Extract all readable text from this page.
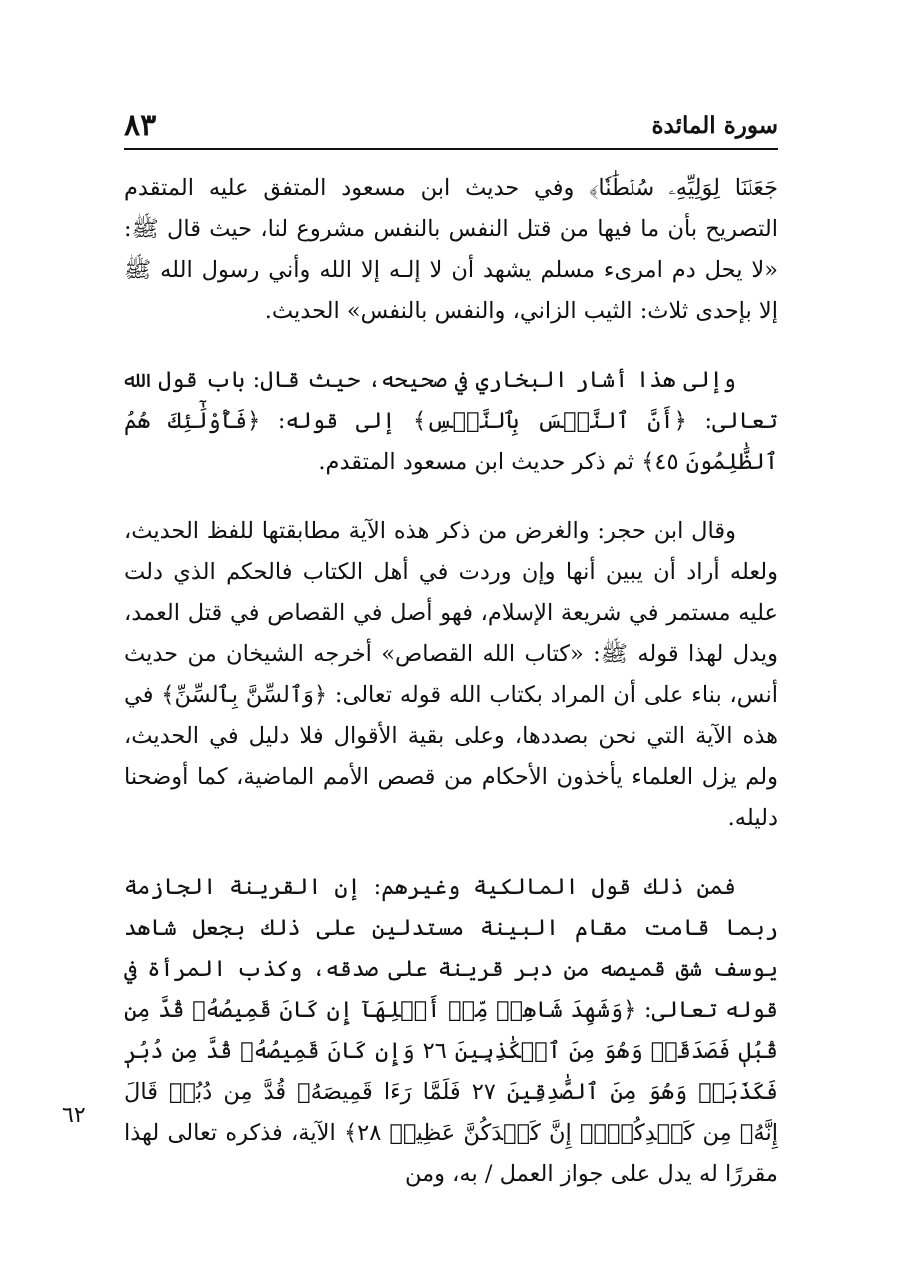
٨٣	سورة المائدة

جَعَلۡنَا لِوَلِيِّهِۦ سُلۡطَٰنٗا﴾ وفي حديث ابن مسعود المتفق عليه المتقدم التصريح بأن ما فيها من قتل النفس بالنفس مشروع لنا، حيث قال ﷺ: «لا يحل دم امرىء مسلم يشهد أن لا إلـه إلا الله وأني رسول الله ﷺ إلا بإحدى ثلاث: الثيب الزاني، والنفس بالنفس» الحديث.

وإلى هذا أشار البخاري في صحيحه، حيث قال: باب قول الله تعالى: ﴿أَنَّ ٱلنَّفۡسَ بِٱلنَّفۡسِ﴾ إلى قوله: ﴿فَأُوْلَٰٓئِكَ هُمُ ٱلظَّٰلِمُونَ ٤٥﴾ ثم ذكر حديث ابن مسعود المتقدم.

وقال ابن حجر: والغرض من ذكر هذه الآية مطابقتها للفظ الحديث، ولعله أراد أن يبين أنها وإن وردت في أهل الكتاب فالحكم الذي دلت عليه مستمر في شريعة الإسلام، فهو أصل في القصاص في قتل العمد، ويدل لهذا قوله ﷺ: «كتاب الله القصاص» أخرجه الشيخان من حديث أنس، بناء على أن المراد بكتاب الله قوله تعالى: ﴿وَٱلسِّنَّ بِٱلسِّنِّ﴾ في هذه الآية التي نحن بصددها، وعلى بقية الأقوال فلا دليل في الحديث، ولم يزل العلماء يأخذون الأحكام من قصص الأمم الماضية، كما أوضحنا دليله.

فمن ذلك قول المالكية وغيرهم: إن القرينة الجازمة ربما قامت مقام البينة مستدلين على ذلك بجعل شاهد يوسف شق قميصه من دبر قرينة على صدقه، وكذب المرأة في قوله تعالى: ﴿وَشَهِدَ شَاهِدٞ مِّنۡ أَهۡلِهَآ إِن كَانَ قَمِيصُهُۥ قُدَّ مِن قُبُلٖ فَصَدَقَتۡ وَهُوَ مِنَ ٱلۡكَٰذِبِينَ ٢٦ وَإِن كَانَ قَمِيصُهُۥ قُدَّ مِن دُبُرٖ فَكَذَبَتۡ وَهُوَ مِنَ ٱلصَّٰدِقِينَ ٢٧ فَلَمَّا رَءَا قَمِيصَهُۥ قُدَّ مِن دُبُرٖ قَالَ إِنَّهُۥ مِن كَيۡدِكُنَّۖ إِنَّ كَيۡدَكُنَّ عَظِيمٞ ٢٨﴾ الآية، فذكره تعالى لهذا مقررًا له يدل على جواز العمل / به، ومن

٦٢
